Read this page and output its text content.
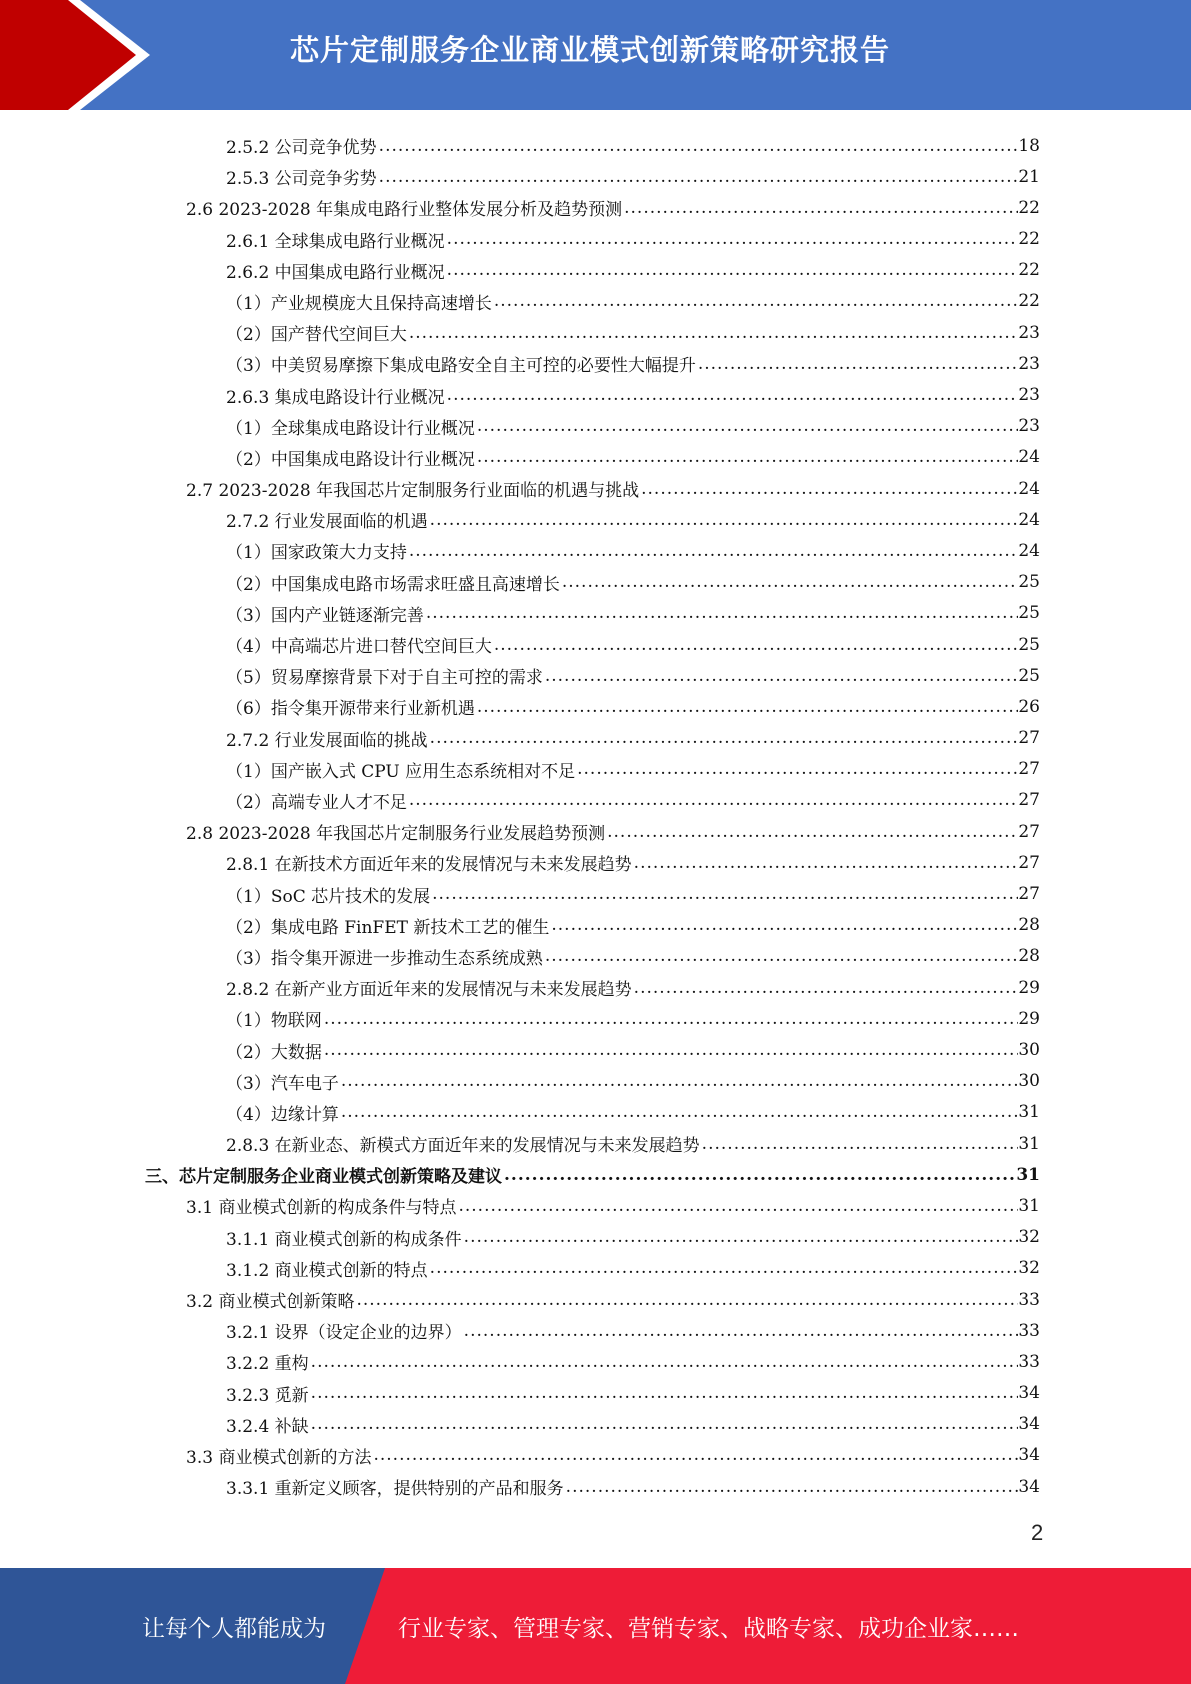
芯片定制服务企业商业模式创新策略研究报告
2.5.2 公司竞争优势 .....	18
2.5.3 公司竞争劣势 .....	21
2.6 2023-2028 年集成电路行业整体发展分析及趋势预测 .....	22
2.6.1 全球集成电路行业概况 .....	22
2.6.2 中国集成电路行业概况 .....	22
（1）产业规模庞大且保持高速增长 .....	22
（2）国产替代空间巨大 .....	23
（3）中美贸易摩擦下集成电路安全自主可控的必要性大幅提升 .....	23
2.6.3 集成电路设计行业概况 .....	23
（1）全球集成电路设计行业概况 .....	23
（2）中国集成电路设计行业概况 .....	24
2.7 2023-2028 年我国芯片定制服务行业面临的机遇与挑战 .....	24
2.7.2 行业发展面临的机遇 .....	24
（1）国家政策大力支持 .....	24
（2）中国集成电路市场需求旺盛且高速增长 .....	25
（3）国内产业链逐渐完善 .....	25
（4）中高端芯片进口替代空间巨大 .....	25
（5）贸易摩擦背景下对于自主可控的需求 .....	25
（6）指令集开源带来行业新机遇 .....	26
2.7.2 行业发展面临的挑战 .....	27
（1）国产嵌入式 CPU 应用生态系统相对不足 .....	27
（2）高端专业人才不足 .....	27
2.8 2023-2028 年我国芯片定制服务行业发展趋势预测 .....	27
2.8.1 在新技术方面近年来的发展情况与未来发展趋势 .....	27
（1）SoC 芯片技术的发展 .....	27
（2）集成电路 FinFET 新技术工艺的催生 .....	28
（3）指令集开源进一步推动生态系统成熟 .....	28
2.8.2 在新产业方面近年来的发展情况与未来发展趋势 .....	29
（1）物联网 .....	29
（2）大数据 .....	30
（3）汽车电子 .....	30
（4）边缘计算 .....	31
2.8.3 在新业态、新模式方面近年来的发展情况与未来发展趋势 .....	31
三、芯片定制服务企业商业模式创新策略及建议 .....	31
3.1 商业模式创新的构成条件与特点 .....	31
3.1.1 商业模式创新的构成条件 .....	32
3.1.2 商业模式创新的特点 .....	32
3.2 商业模式创新策略 .....	33
3.2.1 设界（设定企业的边界） .....	33
3.2.2 重构 .....	33
3.2.3 觅新 .....	34
3.2.4 补缺 .....	34
3.3 商业模式创新的方法 .....	34
3.3.1 重新定义顾客，提供特别的产品和服务 .....	34
2
让每个人都能成为	行业专家、管理专家、营销专家、战略专家、成功企业家……
